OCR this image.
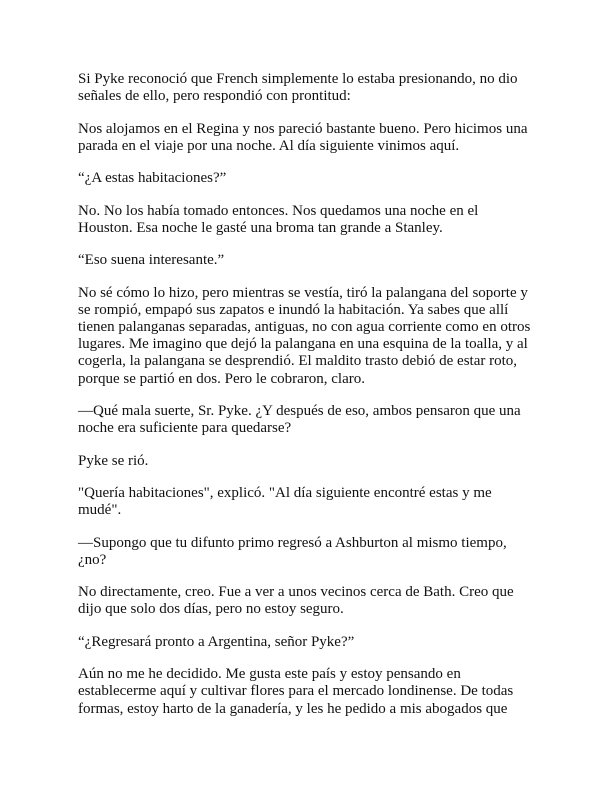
Si Pyke reconoció que French simplemente lo estaba presionando, no dio
señales de ello, pero respondió con prontitud:

Nos alojamos en el Regina y nos pareció bastante bueno. Pero hicimos una
parada en el viaje por una noche. Al día siguiente vinimos aquí.

“¿A estas habitaciones?”

No. No los había tomado entonces. Nos quedamos una noche en el
Houston. Esa noche le gasté una broma tan grande a Stanley.

“Eso suena interesante.”

No sé cómo lo hizo, pero mientras se vestía, tiró la palangana del soporte y
se rompió, empapó sus zapatos e inundó la habitación. Ya sabes que allí
tienen palanganas separadas, antiguas, no con agua corriente como en otros
lugares. Me imagino que dejó la palangana en una esquina de la toalla, y al
cogerla, la palangana se desprendió. El maldito trasto debió de estar roto,
porque se partió en dos. Pero le cobraron, claro.

—Qué mala suerte, Sr. Pyke. ¿Y después de eso, ambos pensaron que una
noche era suficiente para quedarse?

Pyke se rió.

"Quería habitaciones", explicó. "Al día siguiente encontré estas y me
mudé".

—Supongo que tu difunto primo regresó a Ashburton al mismo tiempo,
¿no?

No directamente, creo. Fue a ver a unos vecinos cerca de Bath. Creo que
dijo que solo dos días, pero no estoy seguro.

“¿Regresará pronto a Argentina, señor Pyke?”

Aún no me he decidido. Me gusta este país y estoy pensando en
establecerme aquí y cultivar flores para el mercado londinense. De todas
formas, estoy harto de la ganadería, y les he pedido a mis abogados que
